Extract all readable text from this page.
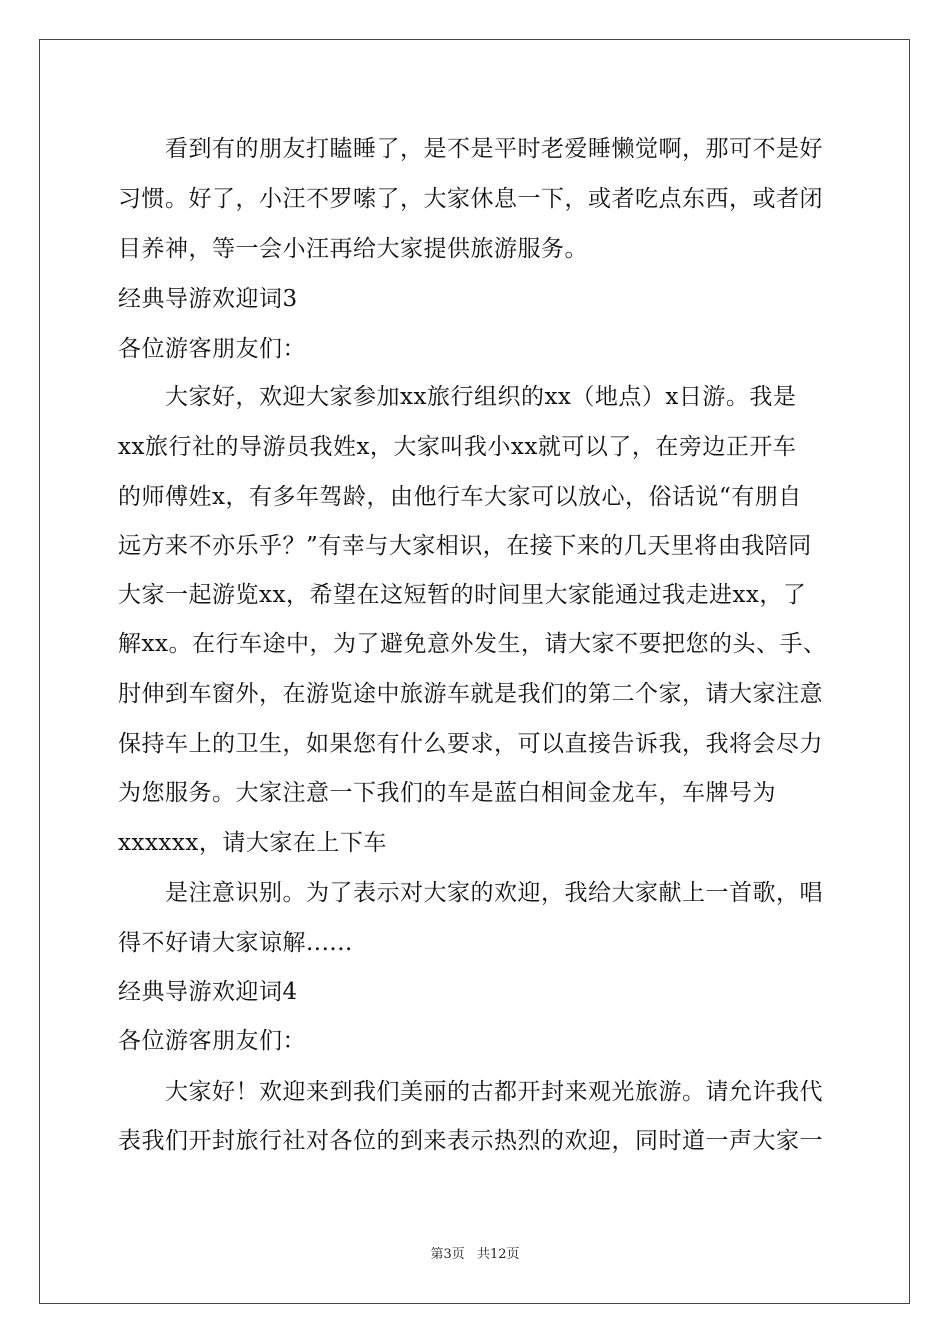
看到有的朋友打瞌睡了，是不是平时老爱睡懒觉啊，那可不是好
习惯。好了，小汪不罗嗦了，大家休息一下，或者吃点东西，或者闭
目养神，等一会小汪再给大家提供旅游服务。
经典导游欢迎词3
各位游客朋友们：
大家好，欢迎大家参加xx旅行组织的xx（地点）x日游。我是
xx旅行社的导游员我姓x，大家叫我小xx就可以了，在旁边正开车
的师傅姓x，有多年驾龄，由他行车大家可以放心，俗话说“有朋自
远方来不亦乐乎？”有幸与大家相识，在接下来的几天里将由我陪同
大家一起游览xx，希望在这短暂的时间里大家能通过我走进xx，了
解xx。在行车途中，为了避免意外发生，请大家不要把您的头、手、
肘伸到车窗外，在游览途中旅游车就是我们的第二个家，请大家注意
保持车上的卫生，如果您有什么要求，可以直接告诉我，我将会尽力
为您服务。大家注意一下我们的车是蓝白相间金龙车，车牌号为
xxxxxx，请大家在上下车
是注意识别。为了表示对大家的欢迎，我给大家献上一首歌，唱
得不好请大家谅解......
经典导游欢迎词4
各位游客朋友们：
大家好！欢迎来到我们美丽的古都开封来观光旅游。请允许我代
表我们开封旅行社对各位的到来表示热烈的欢迎，同时道一声大家一
第3页 共12页
